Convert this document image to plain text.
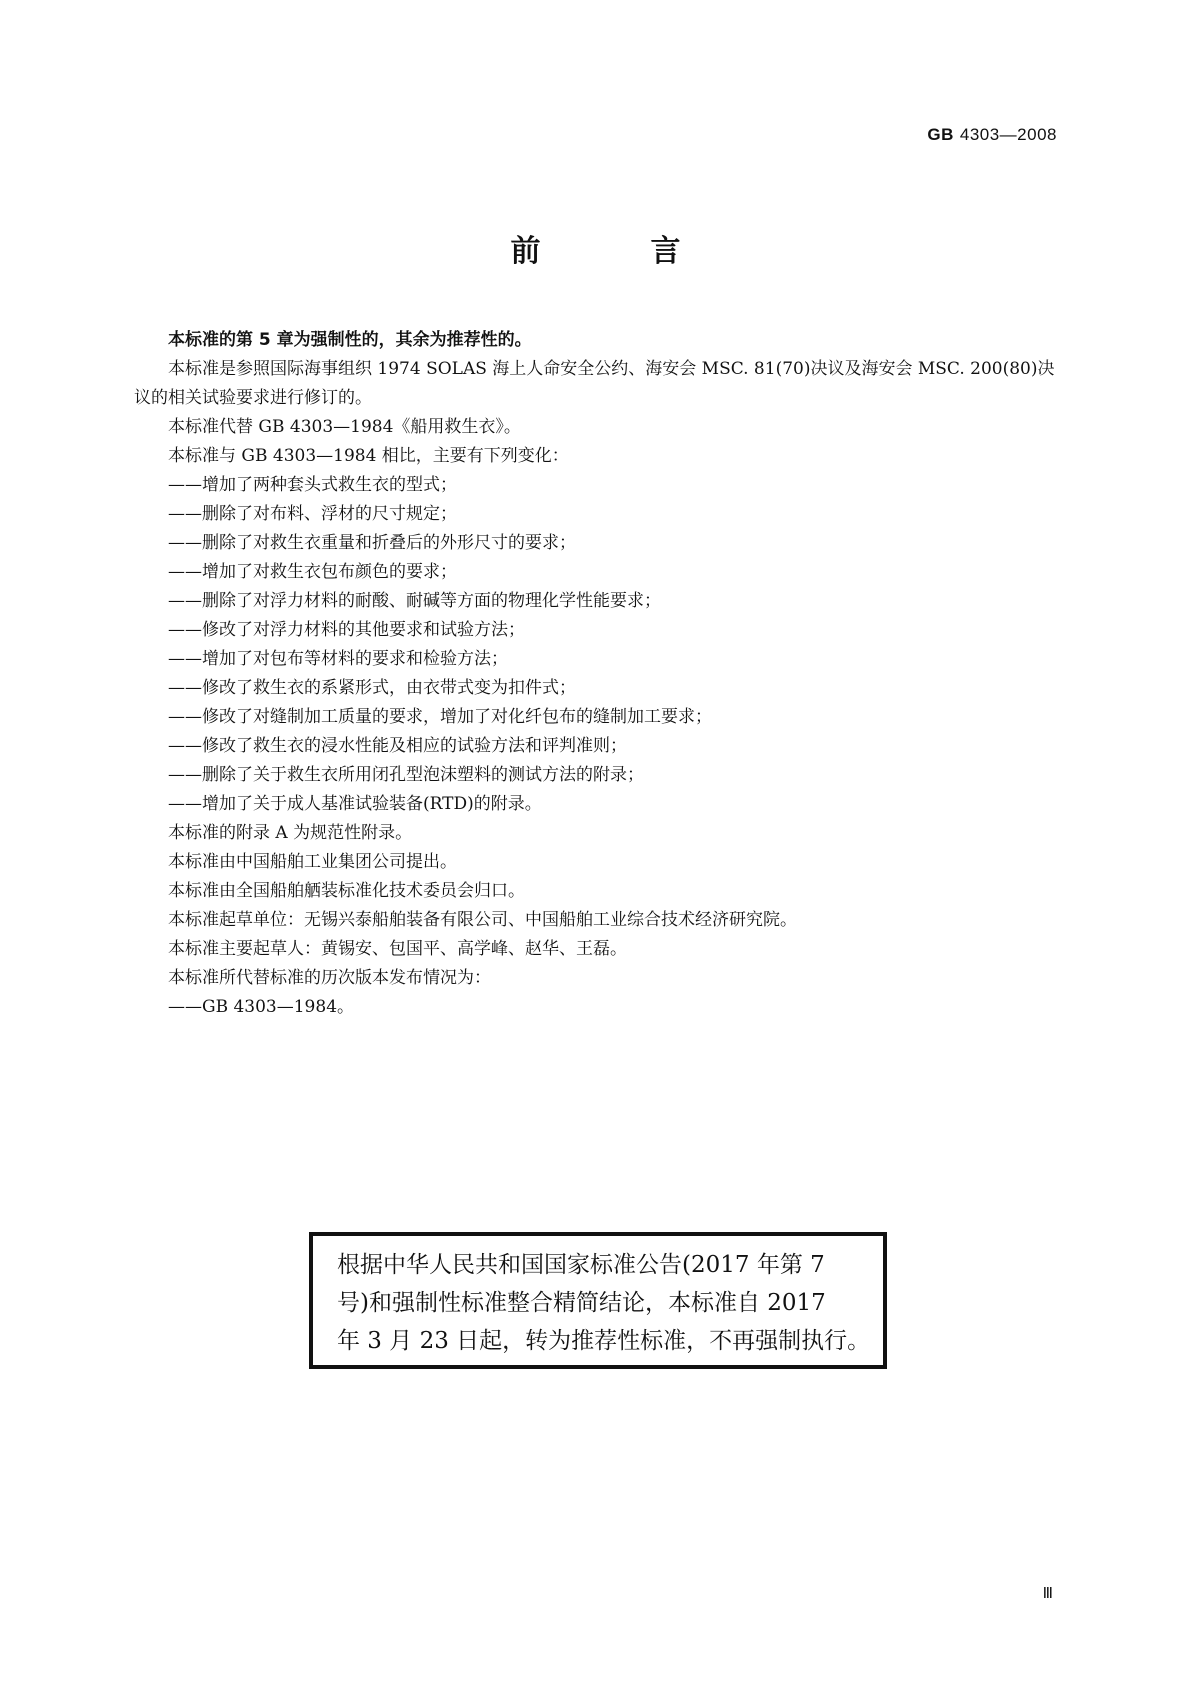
GB 4303—2008
前　言

本标准的第 5 章为强制性的，其余为推荐性的。

本标准是参照国际海事组织 1974 SOLAS 海上人命安全公约、海安会 MSC. 81(70)决议及海安会 MSC. 200(80)决议的相关试验要求进行修订的。

本标准代替 GB 4303—1984《船用救生衣》。

本标准与 GB 4303—1984 相比，主要有下列变化：

——增加了两种套头式救生衣的型式；

——删除了对布料、浮材的尺寸规定；

——删除了对救生衣重量和折叠后的外形尺寸的要求；

——增加了对救生衣包布颜色的要求；

——删除了对浮力材料的耐酸、耐碱等方面的物理化学性能要求；

——修改了对浮力材料的其他要求和试验方法；

——增加了对包布等材料的要求和检验方法；

——修改了救生衣的系紧形式，由衣带式变为扣件式；

——修改了对缝制加工质量的要求，增加了对化纤包布的缝制加工要求；

——修改了救生衣的浸水性能及相应的试验方法和评判准则；

——删除了关于救生衣所用闭孔型泡沫塑料的测试方法的附录；

——增加了关于成人基准试验装备(RTD)的附录。

本标准的附录 A 为规范性附录。

本标准由中国船舶工业集团公司提出。

本标准由全国船舶舾装标准化技术委员会归口。

本标准起草单位：无锡兴泰船舶装备有限公司、中国船舶工业综合技术经济研究院。

本标准主要起草人：黄锡安、包国平、高学峰、赵华、王磊。

本标准所代替标准的历次版本发布情况为：

——GB 4303—1984。

根据中华人民共和国国家标准公告(2017 年第 7

号)和强制性标准整合精简结论，本标准自 2017

年 3 月 23 日起，转为推荐性标准，不再强制执行。

Ⅲ
